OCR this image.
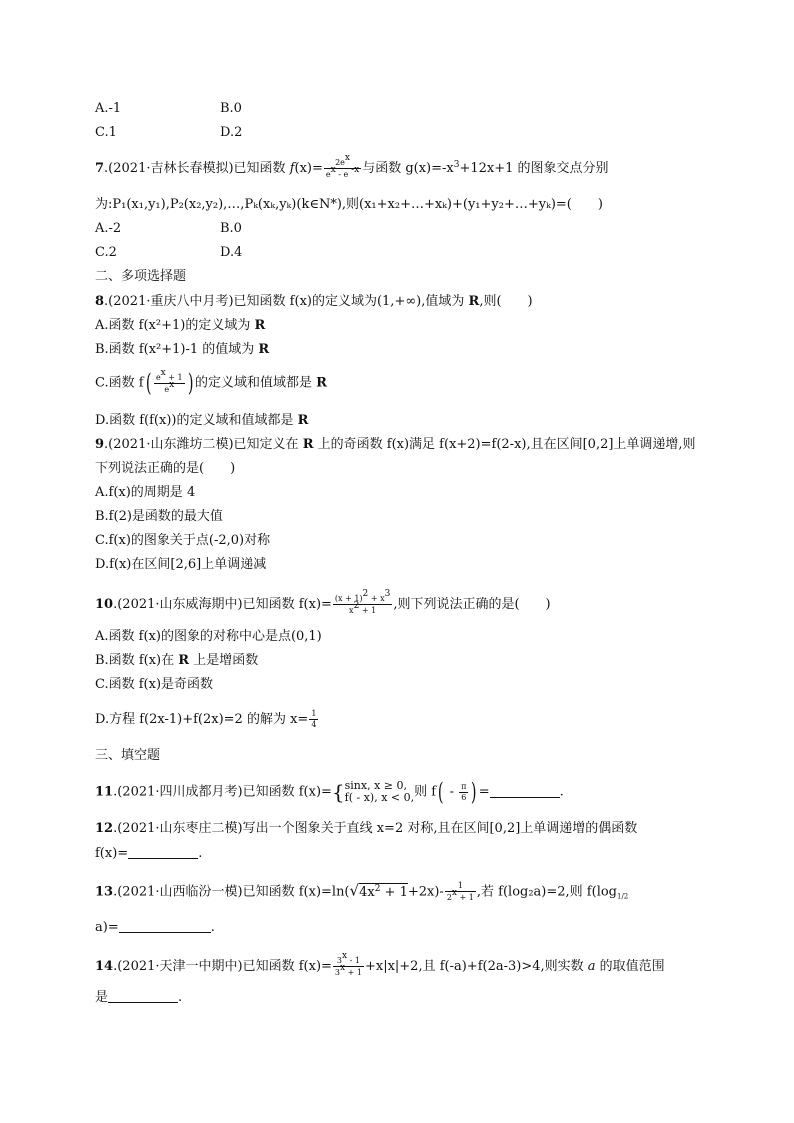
A.-1	B.0
C.1	D.2
7.(2021·吉林长春模拟)已知函数 $f(x)= \frac{2e^x}{e^x - e ^{-x}}$ 与函数 $g(x)=-x^3+12x+1$ 的图象交点分别
为:P₁(x₁,y₁),P₂(x₂,y₂),…,Pₖ(xₖ,yₖ)(k∈N*),则(x₁+x₂+…+xₖ)+(y₁+y₂+…+yₖ)=(　　)
A.-2	B.0
C.2	D.4
二、多项选择题
8.(2021·重庆八中月考)已知函数 f(x)的定义域为(1,+∞),值域为 R,则(　　)
A.函数 f(x²+1)的定义域为 R
B.函数 f(x²+1)-1 的值域为 R
C.函数 $f( \frac{e^x + 1}{e^x}$ ) 的定义域和值域都是 R
D.函数 f(f(x))的定义域和值域都是 R
9.(2021·山东潍坊二模)已知定义在 R 上的奇函数 f(x)满足 f(x+2)=f(2-x),且在区间[0,2]上单调递增,则
下列说法正确的是(　　)
A.f(x)的周期是 4
B.f(2)是函数的最大值
C.f(x)的图象关于点(-2,0)对称
D.f(x)在区间[2,6]上单调递减
10.(2021·山东威海期中)已知函数 $f(x)= \frac{(x + 1)^2 + x^3}{x^2 + 1}$ ,则下列说法正确的是(　　)
A.函数 f(x)的图象的对称中心是点(0,1)
B.函数 f(x)在 R 上是增函数
C.函数 f(x)是奇函数
D.方程 f(2x-1)+f(2x)=2 的解为 $x= \frac{1}{4}$
三、填空题
11.(2021·四川成都月考)已知函数 f(x)={ sinx, x ≥ 0,
f( - x), x < 0, 则 $f( - \frac{\pi}{6}$ ) =	.
12.(2021·山东枣庄二模)写出一个图象关于直线 x=2 对称,且在区间[0,2]上单调递增的偶函数
f(x)=	.
13.(2021·山西临汾一模)已知函数 $f(x)=\ln(√4x^2 + 1+2x)- \frac{1}{2^x + 1}$ ,若 f(log₂a)=2,则 $f(\log_{1/2}$
a)=	.
14.(2021·天津一中期中)已知函数 $f(x)= \frac{3^x - 1}{3^x + 1} +x|x|+2$,且 f(-a)+f(2a-3)>4,则实数 a 的取值范围
是	.
